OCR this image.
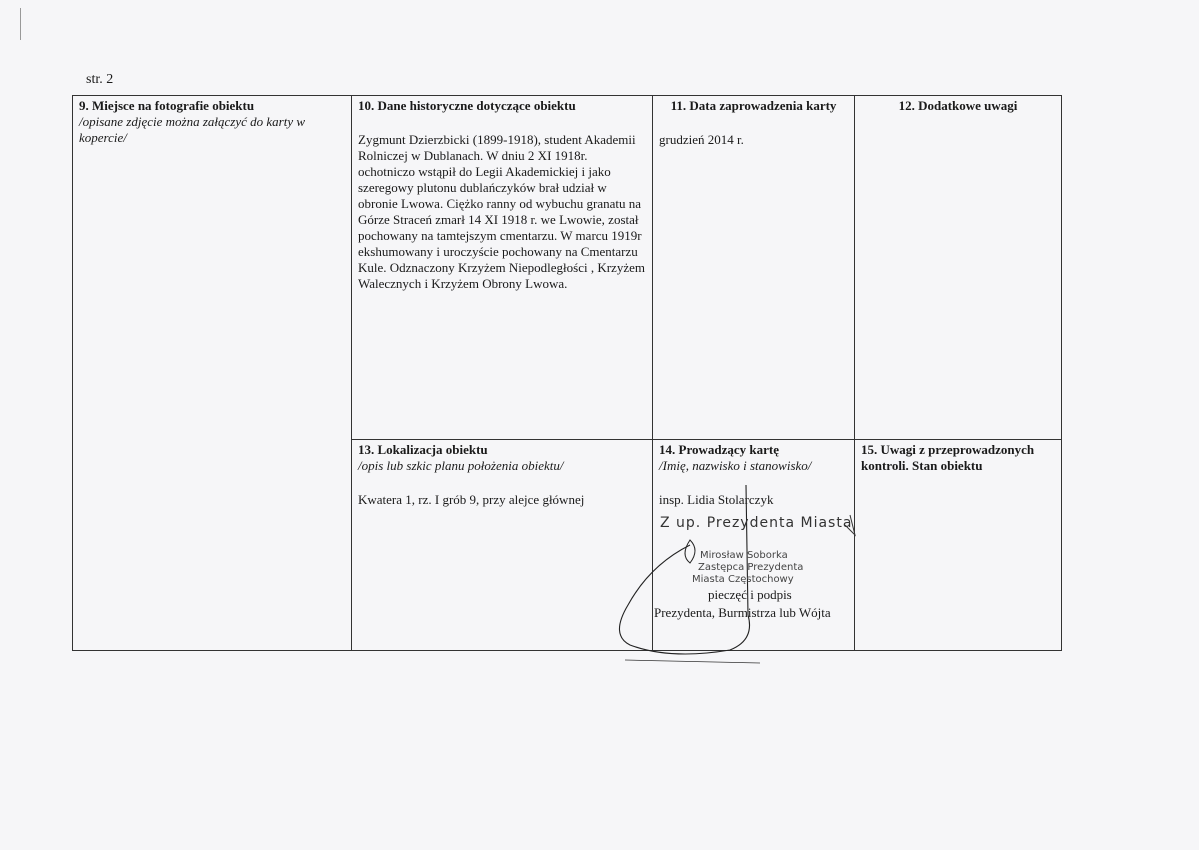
str. 2
9. Miejsce na fotografie obiektu
/opisane zdjęcie można załączyć do karty w kopercie/
10. Dane historyczne dotyczące obiektu
Zygmunt Dzierzbicki (1899-1918), student Akademii Rolniczej w Dublanach. W dniu 2 XI 1918r. ochotniczo wstąpił do Legii Akademickiej i jako szeregowy plutonu dublańczyków brał udział w obronie Lwowa. Ciężko ranny od wybuchu granatu na Górze Straceń zmarł 14 XI 1918 r. we Lwowie, został pochowany na tamtejszym cmentarzu. W marcu 1919r ekshumowany i uroczyście pochowany na Cmentarzu Kule. Odznaczony Krzyżem Niepodległości , Krzyżem Walecznych i Krzyżem Obrony Lwowa.
11. Data zaprowadzenia karty
grudzień 2014 r.
12. Dodatkowe uwagi
13. Lokalizacja obiektu
/opis lub szkic planu położenia obiektu/
Kwatera 1, rz. I grób 9, przy alejce głównej
14. Prowadzący kartę
/Imię, nazwisko i stanowisko/
insp. Lidia Stolarczyk
15. Uwagi z przeprowadzonych kontroli. Stan obiektu
Z up. Prezydenta Miasta
Mirosław Soborka
Zastępca Prezydenta
Miasta Częstochowy
pieczęć i podpis
Prezydenta, Burmistrza lub Wójta
